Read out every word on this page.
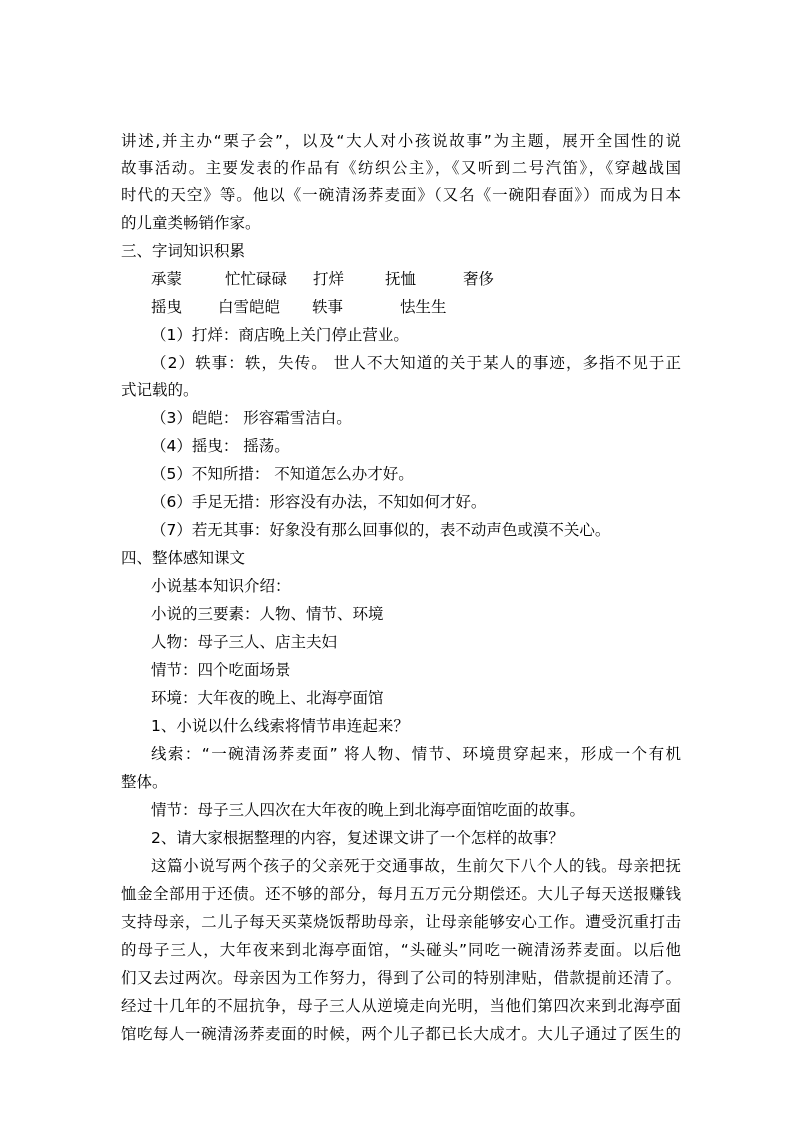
讲述,并主办“栗子会”，以及“大人对小孩说故事”为主题，展开全国性的说
故事活动。主要发表的作品有《纺织公主》，《又听到二号汽笛》，《穿越战国
时代的天空》等。他以《一碗清汤荞麦面》（又名《一碗阳春面》）而成为日本
的儿童类畅销作家。
三、字词知识积累
承蒙	忙忙碌碌 打烊	抚恤	奢侈
摇曳 白雪皑皑 轶事	怯生生
（1）打烊：商店晚上关门停止营业。
（2）轶事：轶，失传。 世人不大知道的关于某人的事迹，多指不见于正
式记载的。
（3）皑皑： 形容霜雪洁白。
（4）摇曳： 摇荡。
（5）不知所措： 不知道怎么办才好。
（6）手足无措：形容没有办法，不知如何才好。
（7）若无其事：好象没有那么回事似的，表不动声色或漠不关心。
四、整体感知课文
小说基本知识介绍：
小说的三要素：人物、情节、环境
人物：母子三人、店主夫妇
情节：四个吃面场景
环境：大年夜的晚上、北海亭面馆
1、小说以什么线索将情节串连起来？
线索：“一碗清汤荞麦面” 将人物、情节、环境贯穿起来，形成一个有机
整体。
情节：母子三人四次在大年夜的晚上到北海亭面馆吃面的故事。
2、请大家根据整理的内容，复述课文讲了一个怎样的故事？
这篇小说写两个孩子的父亲死于交通事故，生前欠下八个人的钱。母亲把抚
恤金全部用于还债。还不够的部分，每月五万元分期偿还。大儿子每天送报赚钱
支持母亲，二儿子每天买菜烧饭帮助母亲，让母亲能够安心工作。遭受沉重打击
的母子三人，大年夜来到北海亭面馆，“头碰头”同吃一碗清汤荞麦面。以后他
们又去过两次。母亲因为工作努力，得到了公司的特别津贴，借款提前还清了。
经过十几年的不屈抗争，母子三人从逆境走向光明，当他们第四次来到北海亭面
馆吃每人一碗清汤荞麦面的时候，两个儿子都已长大成才。大儿子通过了医生的
